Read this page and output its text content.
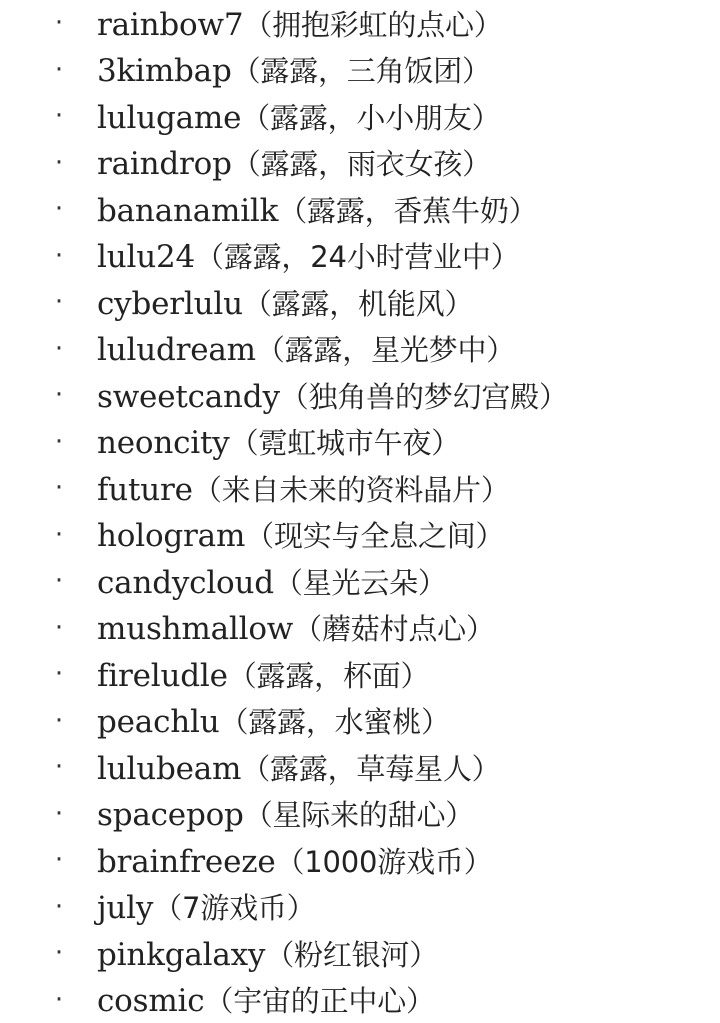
· rainbow7（拥抱彩虹的点心）
· 3kimbap（露露，三角饭团）
· lulugame（露露，小小朋友）
· raindrop（露露，雨衣女孩）
· bananamilk（露露，香蕉牛奶）
· lulu24（露露，24小时营业中）
· cyberlulu（露露，机能风）
· luludream（露露，星光梦中）
· sweetcandy（独角兽的梦幻宫殿）
· neoncity（霓虹城市午夜）
· future（来自未来的资料晶片）
· hologram（现实与全息之间）
· candycloud（星光云朵）
· mushmallow（蘑菇村点心）
· fireludle（露露，杯面）
· peachlu（露露，水蜜桃）
· lulubeam（露露，草莓星人）
· spacepop（星际来的甜心）
· brainfreeze（1000游戏币）
· july（7游戏币）
· pinkgalaxy（粉红银河）
· cosmic（宇宙的正中心）
